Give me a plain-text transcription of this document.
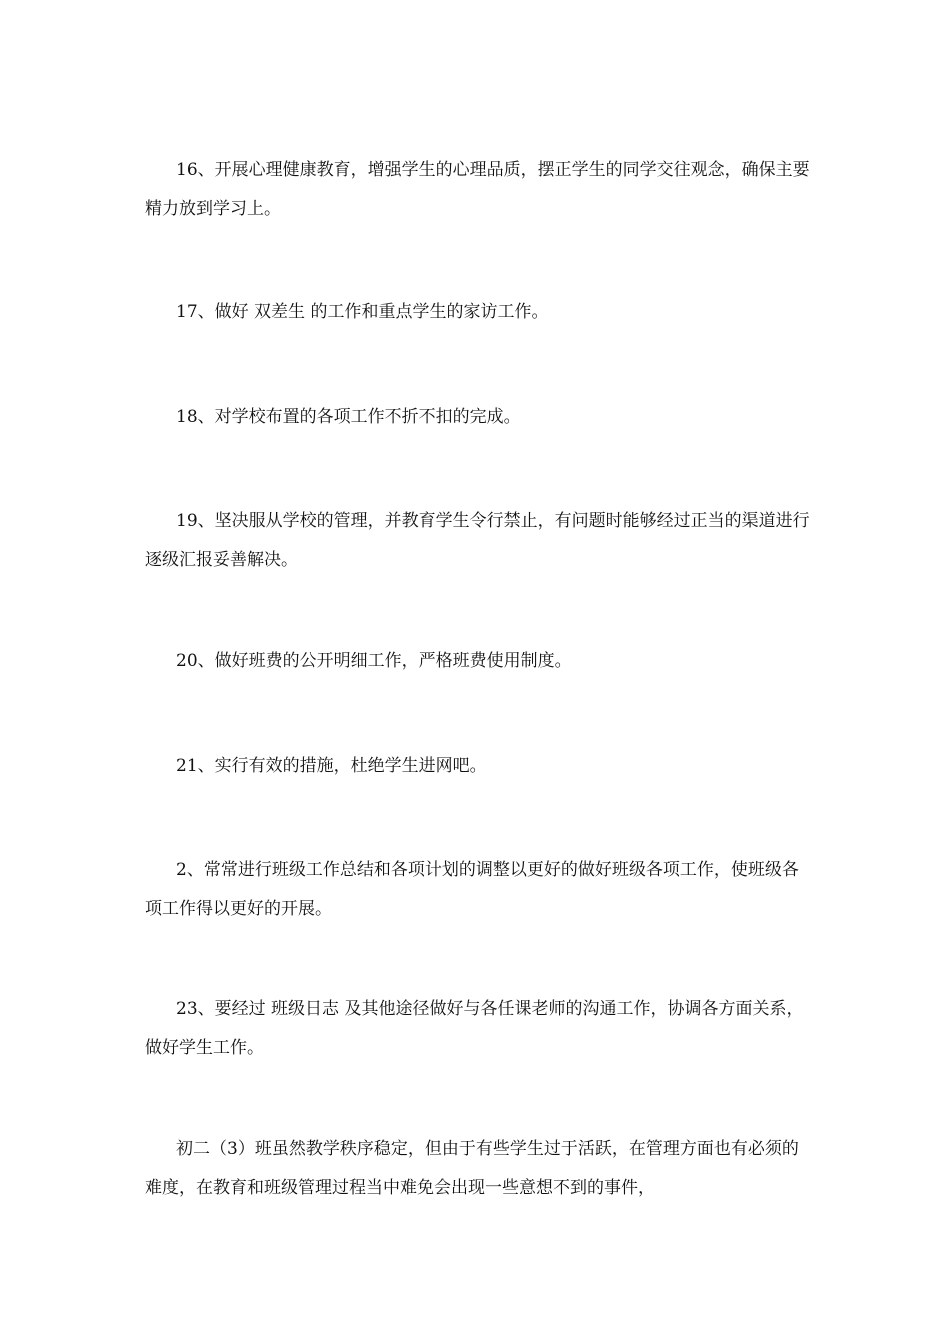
16、开展心理健康教育，增强学生的心理品质，摆正学生的同学交往观念，确保主要精力放到学习上。

17、做好 双差生 的工作和重点学生的家访工作。

18、对学校布置的各项工作不折不扣的完成。

19、坚决服从学校的管理，并教育学生令行禁止，有问题时能够经过正当的渠道进行逐级汇报妥善解决。

20、做好班费的公开明细工作，严格班费使用制度。

21、实行有效的措施，杜绝学生进网吧。

2、常常进行班级工作总结和各项计划的调整以更好的做好班级各项工作，使班级各项工作得以更好的开展。

23、要经过 班级日志 及其他途径做好与各任课老师的沟通工作，协调各方面关系，做好学生工作。

初二（3）班虽然教学秩序稳定，但由于有些学生过于活跃，在管理方面也有必须的难度，在教育和班级管理过程当中难免会出现一些意想不到的事件，
